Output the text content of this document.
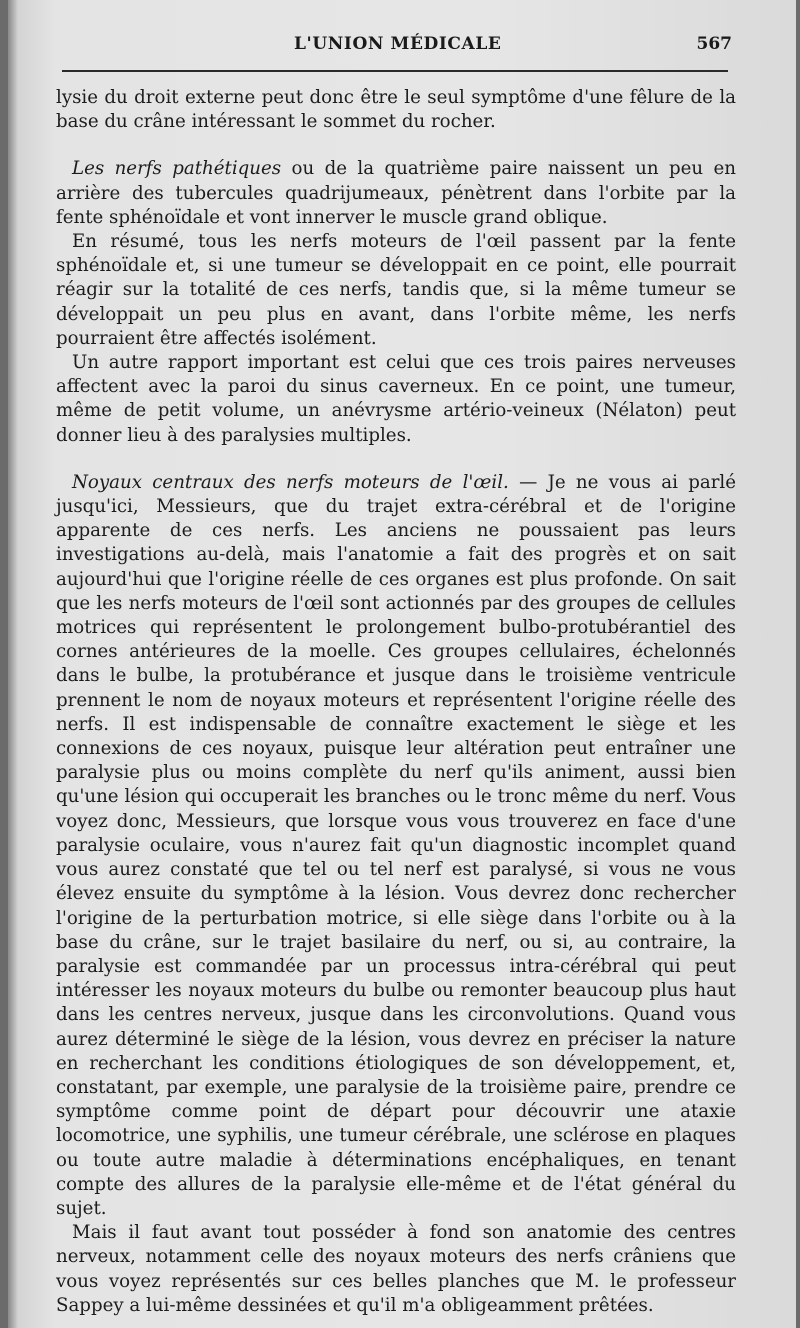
L'UNION MÉDICALE	567

lysie du droit externe peut donc être le seul symptôme d'une fêlure de la base du crâne intéressant le sommet du rocher.

Les nerfs pathétiques ou de la quatrième paire naissent un peu en arrière des tubercules quadrijumeaux, pénètrent dans l'orbite par la fente sphénoïdale et vont innerver le muscle grand oblique.

En résumé, tous les nerfs moteurs de l'œil passent par la fente sphénoïdale et, si une tumeur se développait en ce point, elle pourrait réagir sur la totalité de ces nerfs, tandis que, si la même tumeur se développait un peu plus en avant, dans l'orbite même, les nerfs pourraient être affectés isolément.

Un autre rapport important est celui que ces trois paires nerveuses affectent avec la paroi du sinus caverneux. En ce point, une tumeur, même de petit volume, un anévrysme artério-veineux (Nélaton) peut donner lieu à des paralysies multiples.

Noyaux centraux des nerfs moteurs de l'œil. — Je ne vous ai parlé jusqu'ici, Messieurs, que du trajet extra-cérébral et de l'origine apparente de ces nerfs. Les anciens ne poussaient pas leurs investigations au-delà, mais l'anatomie a fait des progrès et on sait aujourd'hui que l'origine réelle de ces organes est plus profonde. On sait que les nerfs moteurs de l'œil sont actionnés par des groupes de cellules motrices qui représentent le prolongement bulbo-protubérantiel des cornes antérieures de la moelle. Ces groupes cellulaires, échelonnés dans le bulbe, la protubérance et jusque dans le troisième ventricule prennent le nom de noyaux moteurs et représentent l'origine réelle des nerfs. Il est indispensable de connaître exactement le siège et les connexions de ces noyaux, puisque leur altération peut entraîner une paralysie plus ou moins complète du nerf qu'ils animent, aussi bien qu'une lésion qui occuperait les branches ou le tronc même du nerf. Vous voyez donc, Messieurs, que lorsque vous vous trouverez en face d'une paralysie oculaire, vous n'aurez fait qu'un diagnostic incomplet quand vous aurez constaté que tel ou tel nerf est paralysé, si vous ne vous élevez ensuite du symptôme à la lésion. Vous devrez donc rechercher l'origine de la perturbation motrice, si elle siège dans l'orbite ou à la base du crâne, sur le trajet basilaire du nerf, ou si, au contraire, la paralysie est commandée par un processus intra-cérébral qui peut intéresser les noyaux moteurs du bulbe ou remonter beaucoup plus haut dans les centres nerveux, jusque dans les circonvolutions. Quand vous aurez déterminé le siège de la lésion, vous devrez en préciser la nature en recherchant les conditions étiologiques de son développement, et, constatant, par exemple, une paralysie de la troisième paire, prendre ce symptôme comme point de départ pour découvrir une ataxie locomotrice, une syphilis, une tumeur cérébrale, une sclérose en plaques ou toute autre maladie à déterminations encéphaliques, en tenant compte des allures de la paralysie elle-même et de l'état général du sujet.

Mais il faut avant tout posséder à fond son anatomie des centres nerveux, notamment celle des noyaux moteurs des nerfs crâniens que vous voyez représentés sur ces belles planches que M. le professeur Sappey a lui-même dessinées et qu'il m'a obligeamment prêtées.
